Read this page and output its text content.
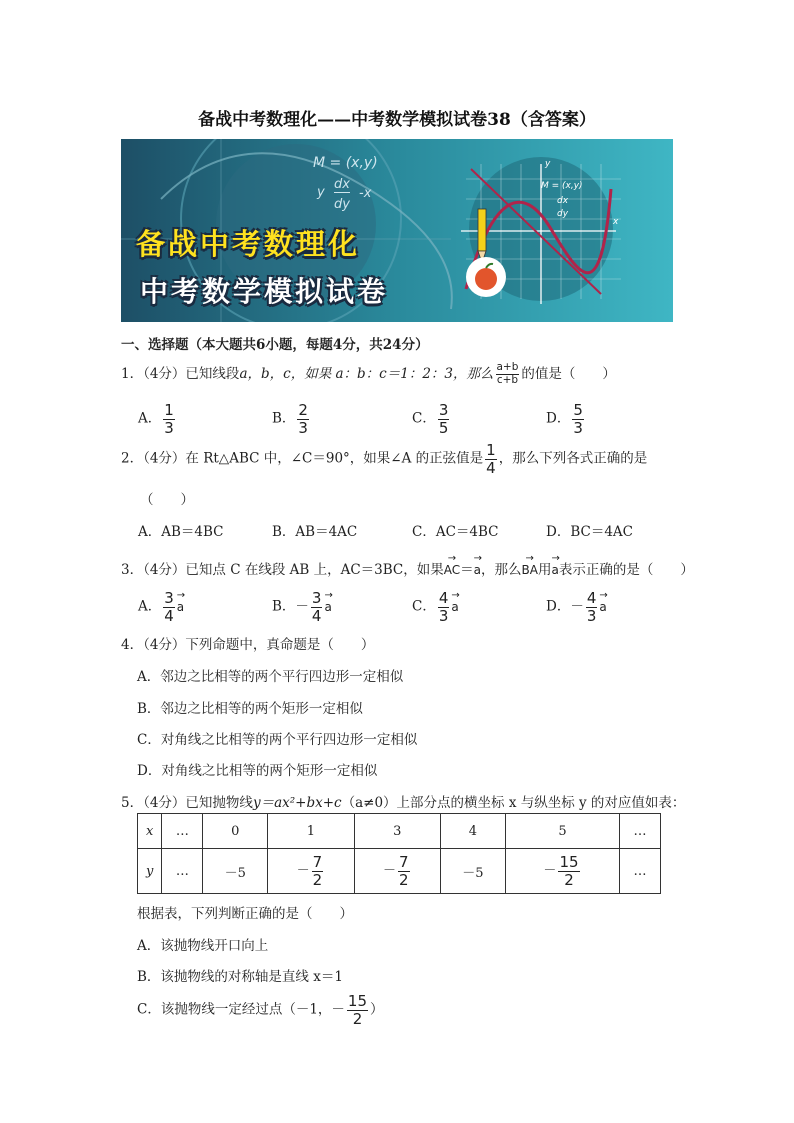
备战中考数理化——中考数学模拟试卷38（含答案）
M = (x,y)
y
dx
dy
-x	M = (x,y)
dx
dy
x
y
备战中考数理化
中考数学模拟试卷
一、选择题（本大题共6小题，每题4分，共24分）
1．（4分）已知线段a，b，c，如果 a：b：c＝1：2：3，那么 $\frac{a+b}{c+b}$ 的值是（　　）
A． $\frac{1}{3}$	B． $\frac{2}{3}$	C． $\frac{3}{5}$	D． $\frac{5}{3}$
2．（4分）在 Rt△ABC 中，∠C＝90°，如果∠A 的正弦值是 $\frac{1}{4}$ ，那么下列各式正确的是
（　　）
A．AB＝4BC	B．AB＝4AC	C．AC＝4BC	D．BC＝4AC
3．（4分）已知点 C 在线段 AB 上，AC＝3BC，如果→ AC＝→ a，那么→ BA用→ a表示正确的是（　　）
A． $\frac{3}{4} \to a$	B．－ $\frac{3}{4} \to a$	C． $\frac{4}{3} \to a$	D．－ $\frac{4}{3} \to a$
4．（4分）下列命题中，真命题是（　　）
A．邻边之比相等的两个平行四边形一定相似
B．邻边之比相等的两个矩形一定相似
C．对角线之比相等的两个平行四边形一定相似
D．对角线之比相等的两个矩形一定相似
5．（4分）已知抛物线y＝ax²+bx+c（a≠0）上部分点的横坐标 x 与纵坐标 y 的对应值如表：
x	…	0	1	3	4	5	…
y	…	－5	－ $\frac{7}{2}$	－ $\frac{7}{2}$	－5	－ $\frac{15}{2}$	…
根据表，下列判断正确的是（　　）
A．该抛物线开口向上
B．该抛物线的对称轴是直线 x＝1
C．该抛物线一定经过点（－1，－ $\frac{15}{2}$ ）
